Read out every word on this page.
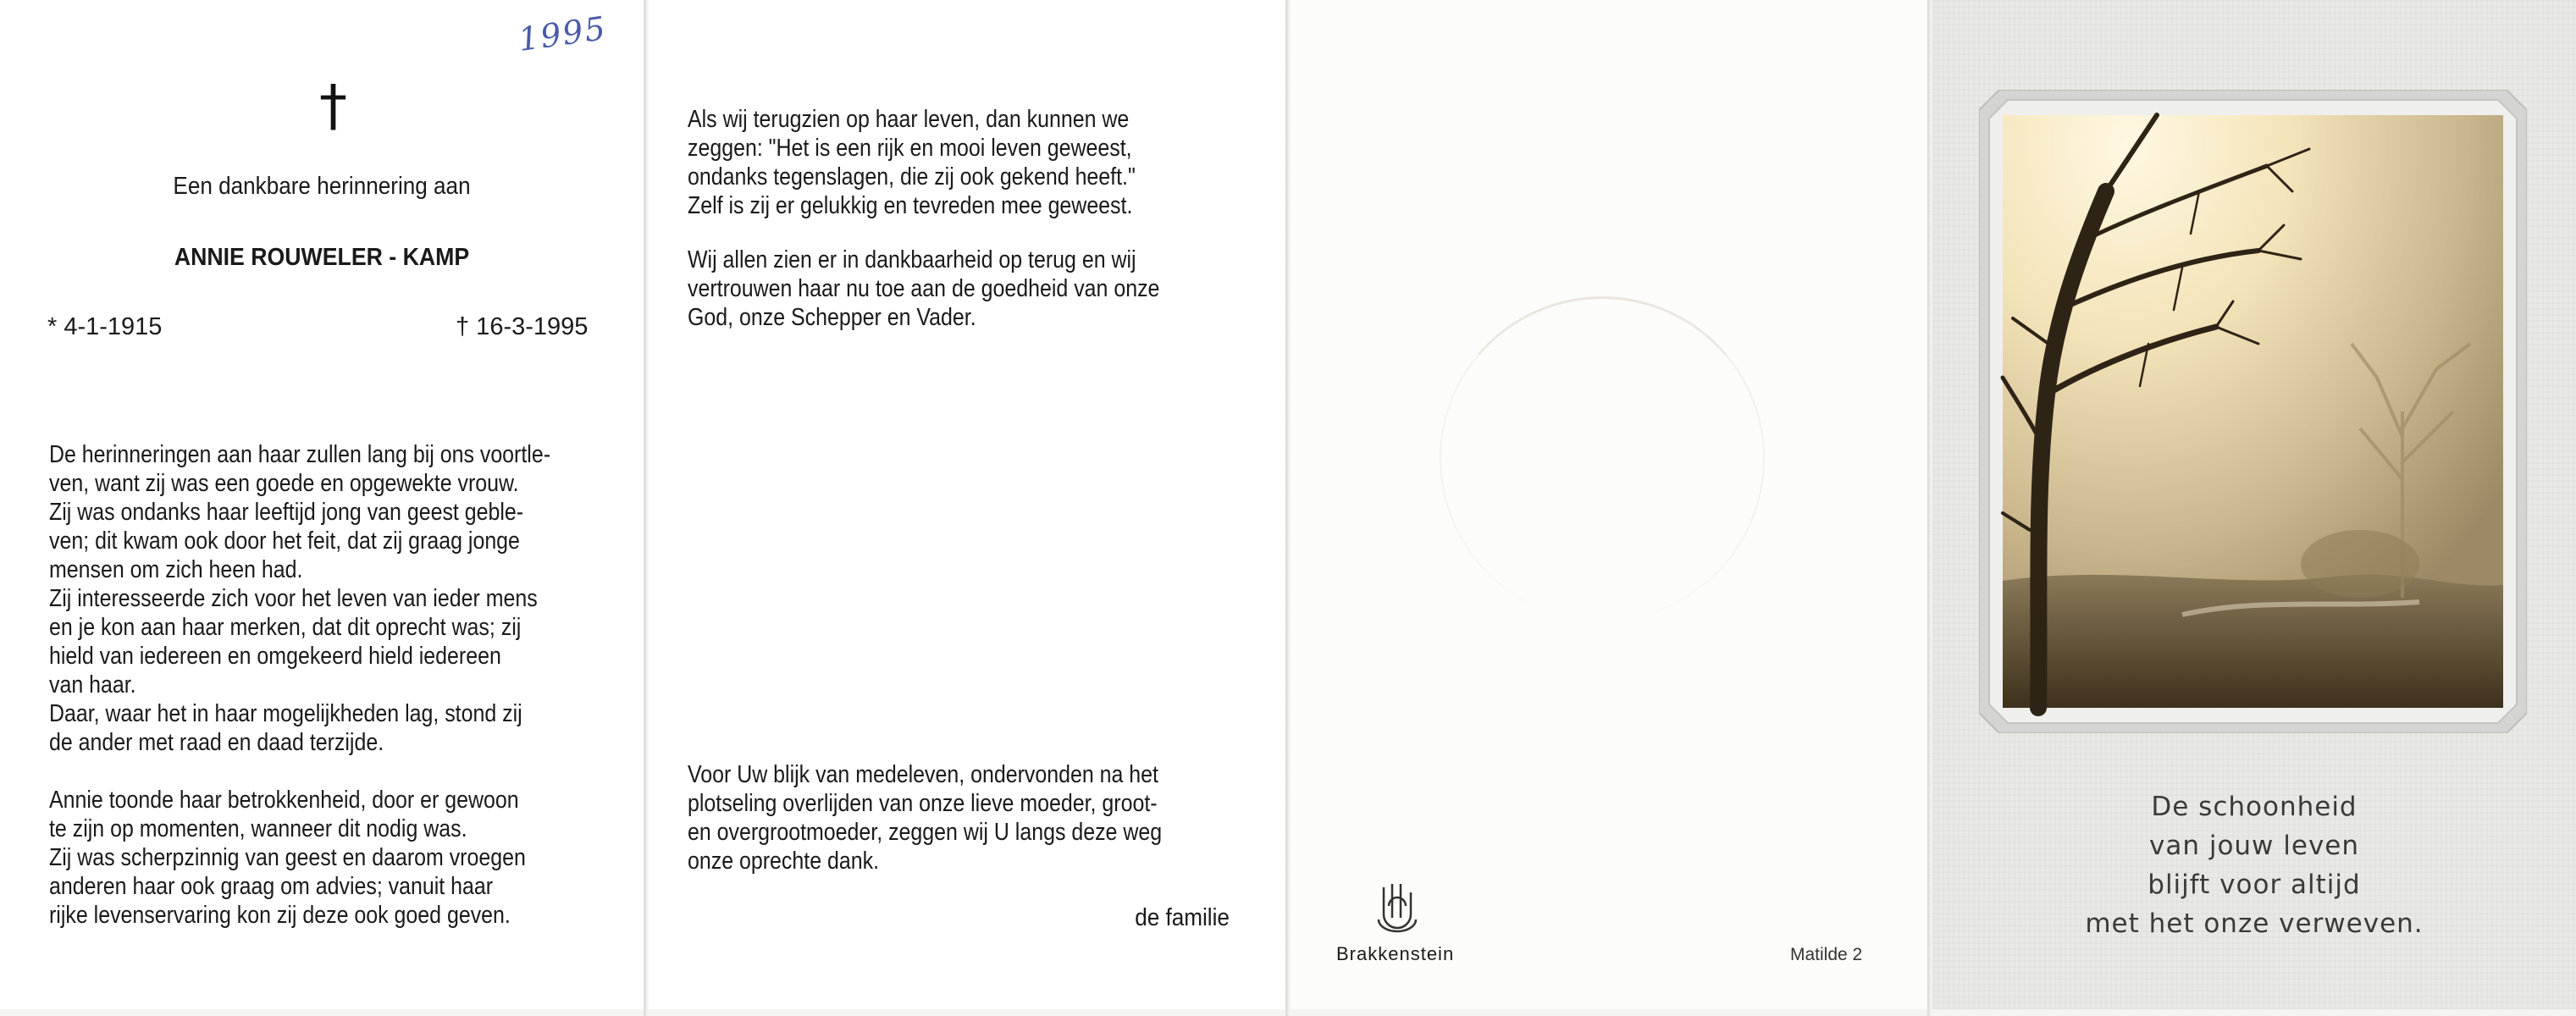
1995
†
Een dankbare herinnering aan
ANNIE ROUWELER - KAMP
* 4-1-1915	† 16-3-1995
De herinneringen aan haar zullen lang bij ons voortle-
ven, want zij was een goede en opgewekte vrouw.
Zij was ondanks haar leeftijd jong van geest geble-
ven; dit kwam ook door het feit, dat zij graag jonge
mensen om zich heen had.
Zij interesseerde zich voor het leven van ieder mens
en je kon aan haar merken, dat dit oprecht was; zij
hield van iedereen en omgekeerd hield iedereen
van haar.
Daar, waar het in haar mogelijkheden lag, stond zij
de ander met raad en daad terzijde.
Annie toonde haar betrokkenheid, door er gewoon
te zijn op momenten, wanneer dit nodig was.
Zij was scherpzinnig van geest en daarom vroegen
anderen haar ook graag om advies; vanuit haar
rijke levenservaring kon zij deze ook goed geven.
Als wij terugzien op haar leven, dan kunnen we
zeggen: "Het is een rijk en mooi leven geweest,
ondanks tegenslagen, die zij ook gekend heeft."
Zelf is zij er gelukkig en tevreden mee geweest.
Wij allen zien er in dankbaarheid op terug en wij
vertrouwen haar nu toe aan de goedheid van onze
God, onze Schepper en Vader.
Voor Uw blijk van medeleven, ondervonden na het
plotseling overlijden van onze lieve moeder, groot-
en overgrootmoeder, zeggen wij U langs deze weg
onze oprechte dank.
de familie
Brakkenstein	Matilde 2
De schoonheid
van jouw leven
blijft voor altijd
met het onze verweven.
